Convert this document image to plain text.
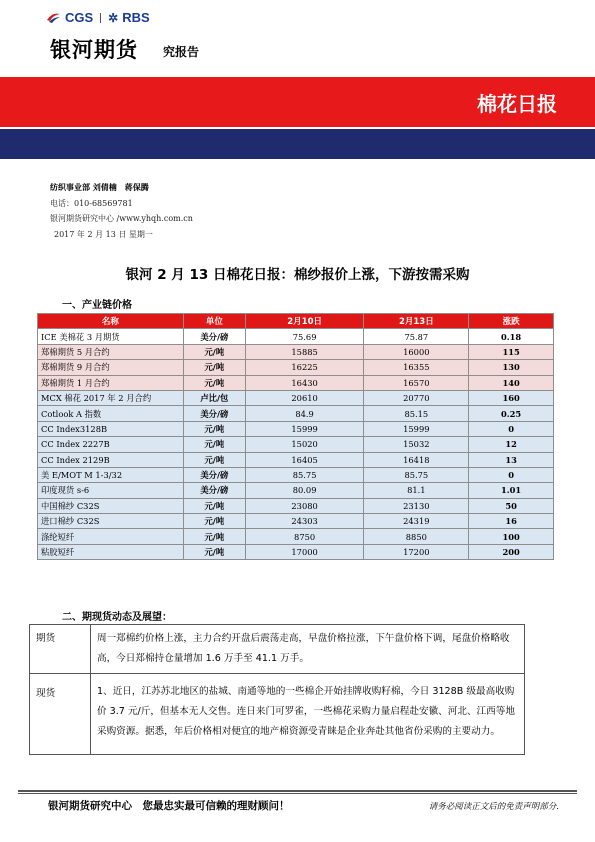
CGS ✲ RBS
银河期货 究报告
棉花日报
纺织事业部 刘倩楠　蒋保腾
电话：010-68569781
银河期货研究中心 /www.yhqh.com.cn
2017 年 2 月 13 日 星期一
银河 2 月 13 日棉花日报：棉纱报价上涨，下游按需采购
一、产业链价格
名称	单位	2月10日	2月13日	涨跌
ICE 美棉花 3 月期货	美分/磅	75.69	75.87	0.18
郑棉期货 5 月合约	元/吨	15885	16000	115
郑棉期货 9 月合约	元/吨	16225	16355	130
郑棉期货 1 月合约	元/吨	16430	16570	140
MCX 棉花 2017 年 2 月合约	卢比/包	20610	20770	160
Cotlook A 指数	美分/磅	84.9	85.15	0.25
CC Index3128B	元/吨	15999	15999	0
CC Index 2227B	元/吨	15020	15032	12
CC Index 2129B	元/吨	16405	16418	13
美 E/MOT M 1-3/32	美分/磅	85.75	85.75	0
印度现货 s-6	美分/磅	80.09	81.1	1.01
中国棉纱 C32S	元/吨	23080	23130	50
进口棉纱 C32S	元/吨	24303	24319	16
涤纶短纤	元/吨	8750	8850	100
粘胶短纤	元/吨	17000	17200	200
二、期现货动态及展望：
期货	周一郑棉约价格上涨，主力合约开盘后震荡走高，早盘价格拉涨，下午盘价格下调，尾盘价格略收高，今日郑棉持仓量增加 1.6 万手至 41.1 万手。
现货	1、近日，江苏苏北地区的盐城、南通等地的一些棉企开始挂牌收购籽棉，今日 3128B 级最高收购价 3.7 元/斤，但基本无人交售。连日来门可罗雀，一些棉花采购力量启程赴安徽、河北、江西等地采购资源。据悉，年后价格相对便宜的地产棉资源受青睐是企业奔赴其他省份采购的主要动力。
银河期货研究中心　您最忠实最可信赖的理财顾问！	请务必阅读正文后的免责声明部分.
